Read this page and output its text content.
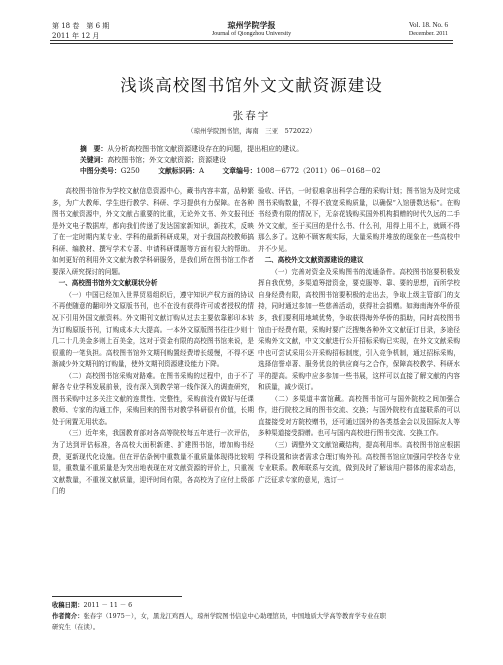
第 18 卷　第 6 期
2011 年 12 月
琼州学院学报
Journal of Qiongzhou University
Vol. 18. No. 6
December. 2011
浅谈高校图书馆外文文献资源建设
张春宇
（琼州学院图书馆，海南　三亚　572022）
摘　要：从分析高校图书馆文献资源建设存在的问题，提出相应的建议。
关键词：高校图书馆；外文文献资源；资源建设
中图分类号：G250	文献标识码：A	文章编号：1008－6772（2011）06－0168－02

高校图书馆作为学校文献信息资源中心，藏书内容丰富，品种繁多，为广大教师、学生进行教学、科研、学习提供有力保障。在各种图书文献资源中，外文文献占重要的比重，无论外文书、外文报刊还是外文电子数据库，都向我们传递了发达国家新知识，新技术，反映了在一定时期内某专业、学科的最新科研成果，对于我国高校教师搞科研、编教材、撰写学术专著、申请科研课题等方面有很大的帮助。如何更好的利用外文文献为教学科研服务，是我们所在图书馆工作者要深入研究探讨的问题。

一、高校图书馆外文文献现状分析

（一）中国已经加入世界贸易组织后，遵守知识产权方面的协议不再使随意的翻印外文原版书刊，也不在没有获得许可或者授权的情况下引用外国文献资料。外文期刊文献订购从过去主要依靠影印本转为订购原版书刊，订购成本大大提高。一本外文原版图书往往少则十几二十几美金多则上百美金，这对于资金有限的高校图书馆来说，是很重的一笔负担。高校图书馆外文期刊购置经费增长缓慢，不得不逐渐减少外文期刊的订购量，使外文期刊资源建设能力下降。

（二）高校图书馆采购对路难。在图书采购的过程中，由于不了解各专业学科发展前景，没有深入到教学第一线作深入的调查研究，图书采购中过多关注文献的连贯性、完整性，采购前没有做好与任课教师、专家的沟通工作，采购回来的图书对教学科研很有价值，长期处于闲置无用状态。

（三）近年来，我国教育部对各高等院校每五年进行一次评估，为了达到评估标准，各高校大面积新建、扩建图书馆，增加购书经费，更新现代化设施。但在评估条例中重数量不重质量体现得比较明显，重数量不重质量是为突出地表现在对文献资源的评价上，只重视文献数量，不重视文献质量，迎评时间有限，各高校为了应付上级部门的

验收、评估，一时很难拿出科学合理的采购计划；图书馆为及时完成图书采购数量，不得不放宽采购质量，以确保“入馆册数达标”。在购书经费有限的情况下，无奈花钱购买国外机构捐赠的时代久远的二手外文文献，至于买回的是什么书、什么刊，用得上用不上，就顾不得那么多了。这种不顾客观实际，大量采购并堆放的现象在一些高校中并不少见。

二、高校外文文献资源建设的建议

（一）完善对资金及采购图书的流通条件。高校图书馆要积极发挥自我优势，多渠道筹措资金，要克服等、靠、要的思想，而所学校自身经费有限，高校图书馆要积极的走出去，争取上级主管部门的支持，同时通过参加一些慈善活动，获得社会捐赠。如海南海外华侨很多，我们要利用地域优势，争取获得海外华侨的捐助，同时高校图书馆由于经费有限，采购时要广泛搜集各种外文文献征订目录，多途径采购外文文献，中文文献进行公开招标采购已实现，在外文文献采购中也可尝试采用公开采购招标制度，引入竞争机制，通过招标采购，选择信誉卓著、服务优良的供应商与之合作，保障高校教学、科研水平的提高。采购中应多参加一些书展，这样可以直接了解文献的内容和质量，减少误订。

（二）多渠道丰富馆藏。高校图书馆可与国外院校之间加强合作，进行院校之间的图书交流、交换；与国外院校有直接联系的可以直接接受对方院校赠书，还可通过国外的各类基金会以及国际友人等多种渠道接受捐赠。也可与国内高校进行图书交流、交换工作。

（三）调整外文文献馆藏结构，提高利用率。高校图书馆应根据学科设置和读者需求合理订购外刊。高校图书馆应加强同学校各专业专业联系。教师联系与交流，做到及时了解该用户群体的需求动态，广泛征求专家的意见，选订一

收稿日期：2011 － 11 － 6
作者简介：张春宇（1975－），女，黑龙江鸡西人，琼州学院图书信息中心助理馆员，中国地质大学高等教育学专业在职
研究生（在读）。
